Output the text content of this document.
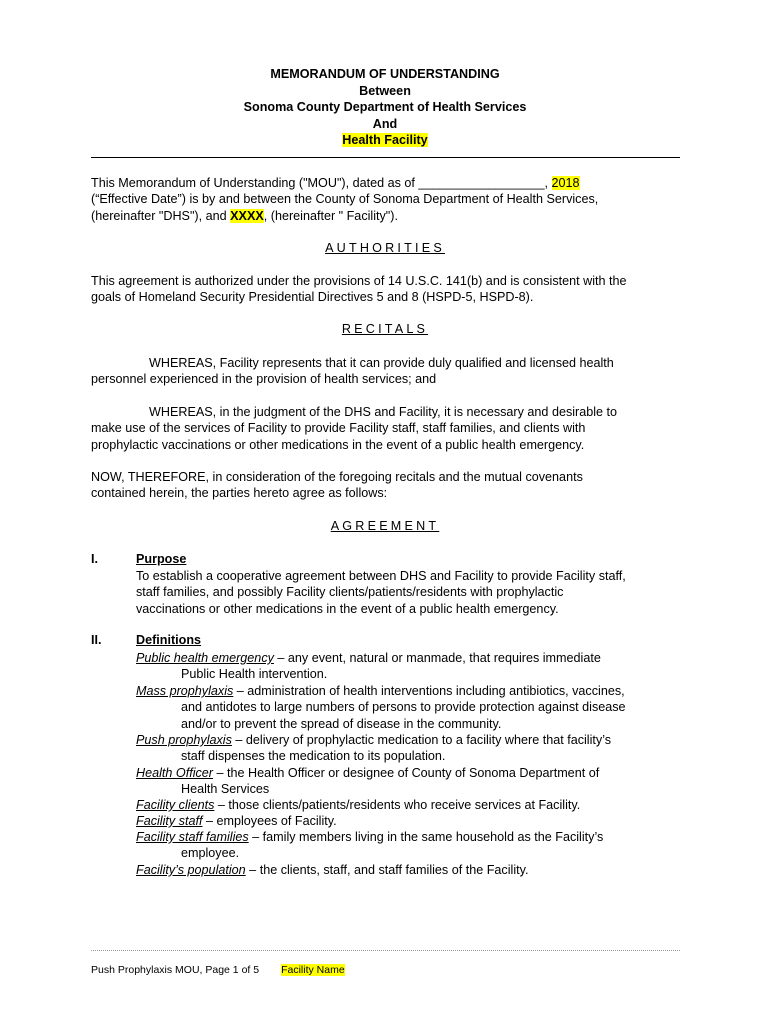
MEMORANDUM OF UNDERSTANDING
Between
Sonoma County Department of Health Services
And
Health Facility
This Memorandum of Understanding ("MOU"), dated as of __________________, 2018
(“Effective Date”) is by and between the County of Sonoma Department of Health Services,
(hereinafter "DHS"), and XXXX, (hereinafter " Facility").
AUTHORITIES
This agreement is authorized under the provisions of 14 U.S.C. 141(b) and is consistent with the
goals of Homeland Security Presidential Directives 5 and 8 (HSPD-5, HSPD-8).
RECITALS
WHEREAS, Facility represents that it can provide duly qualified and licensed health
personnel experienced in the provision of health services; and
WHEREAS, in the judgment of the DHS and Facility, it is necessary and desirable to
make use of the services of Facility to provide Facility staff, staff families, and clients with
prophylactic vaccinations or other medications in the event of a public health emergency.
NOW, THEREFORE, in consideration of the foregoing recitals and the mutual covenants
contained herein, the parties hereto agree as follows:
AGREEMENT
I.	Purpose
To establish a cooperative agreement between DHS and Facility to provide Facility staff,
staff families, and possibly Facility clients/patients/residents with prophylactic
vaccinations or other medications in the event of a public health emergency.
II.	Definitions
Public health emergency – any event, natural or manmade, that requires immediate
Public Health intervention.
Mass prophylaxis – administration of health interventions including antibiotics, vaccines,
and antidotes to large numbers of persons to provide protection against disease
and/or to prevent the spread of disease in the community.
Push prophylaxis – delivery of prophylactic medication to a facility where that facility’s
staff dispenses the medication to its population.
Health Officer – the Health Officer or designee of County of Sonoma Department of
Health Services
Facility clients – those clients/patients/residents who receive services at Facility.
Facility staff – employees of Facility.
Facility staff families – family members living in the same household as the Facility’s
employee.
Facility’s population – the clients, staff, and staff families of the Facility.
Push Prophylaxis MOU, Page 1 of 5 Facility Name
